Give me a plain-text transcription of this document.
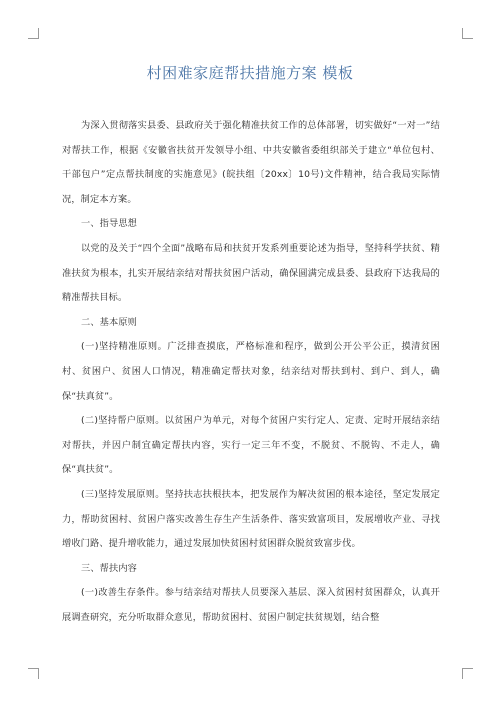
村困难家庭帮扶措施方案 模板

为深入贯彻落实县委、县政府关于强化精准扶贫工作的总体部署，切实做好“一对一”结对帮扶工作，根据《安徽省扶贫开发领导小组、中共安徽省委组织部关于建立“单位包村、干部包户”定点帮扶制度的实施意见》(皖扶组〔20xx〕10号)文件精神，结合我局实际情况，制定本方案。

一、指导思想

以党的及关于“四个全面”战略布局和扶贫开发系列重要论述为指导，坚持科学扶贫、精准扶贫为根本，扎实开展结亲结对帮扶贫困户活动，确保圆满完成县委、县政府下达我局的精准帮扶目标。

二、基本原则

(一)坚持精准原则。广泛排查摸底，严格标准和程序，做到公开公平公正，摸清贫困村、贫困户、贫困人口情况，精准确定帮扶对象，结亲结对帮扶到村、到户、到人，确保“扶真贫”。

(二)坚持帮户原则。以贫困户为单元，对每个贫困户实行定人、定责、定时开展结亲结对帮扶，并因户制宜确定帮扶内容，实行一定三年不变，不脱贫、不脱钩、不走人，确保“真扶贫”。

(三)坚持发展原则。坚持扶志扶根扶本，把发展作为解决贫困的根本途径，坚定发展定力，帮助贫困村、贫困户落实改善生存生产生活条件、落实致富项目，发展增收产业、寻找增收门路、提升增收能力，通过发展加快贫困村贫困群众脱贫致富步伐。

三、帮扶内容

(一)改善生存条件。参与结亲结对帮扶人员要深入基层、深入贫困村贫困群众，认真开展调查研究，充分听取群众意见，帮助贫困村、贫困户制定扶贫规划，结合整
